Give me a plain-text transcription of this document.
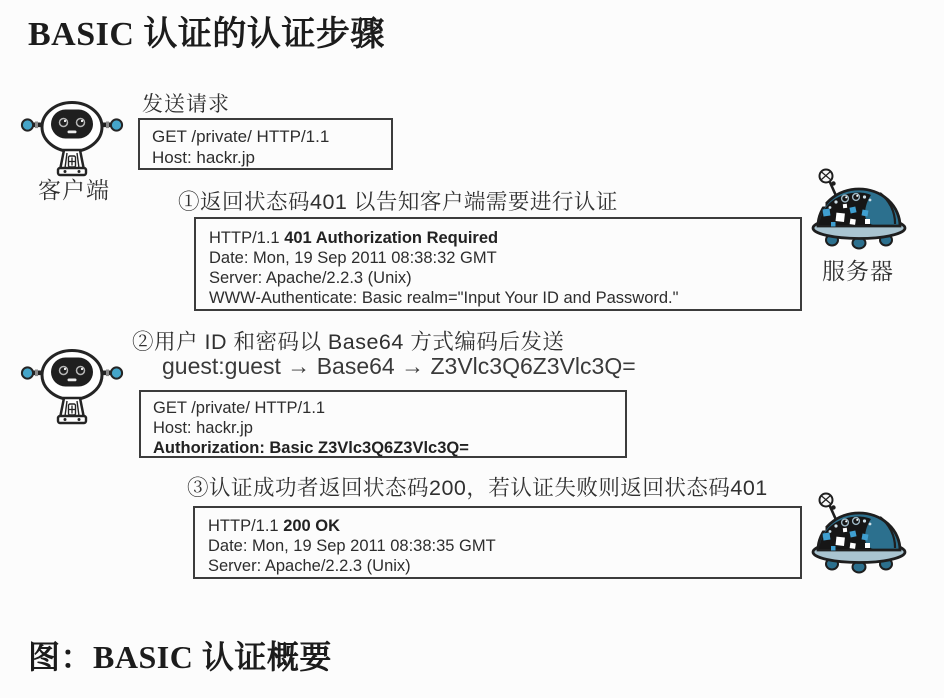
BASIC 认证的认证步骤
客户端
发送请求
GET /private/ HTTP/1.1
Host: hackr.jp
①返回状态码401 以告知客户端需要进行认证
HTTP/1.1 401 Authorization Required
Date: Mon, 19 Sep 2011 08:38:32 GMT
Server: Apache/2.2.3 (Unix)
WWW-Authenticate: Basic realm="Input Your ID and Password."
服务器
②用户 ID 和密码以 Base64 方式编码后发送
guest:guest → Base64 → Z3Vlc3Q6Z3Vlc3Q=
GET /private/ HTTP/1.1
Host: hackr.jp
Authorization: Basic Z3Vlc3Q6Z3Vlc3Q=
③认证成功者返回状态码200，若认证失败则返回状态码401
HTTP/1.1 200 OK
Date: Mon, 19 Sep 2011 08:38:35 GMT
Server: Apache/2.2.3 (Unix)
图：BASIC 认证概要
